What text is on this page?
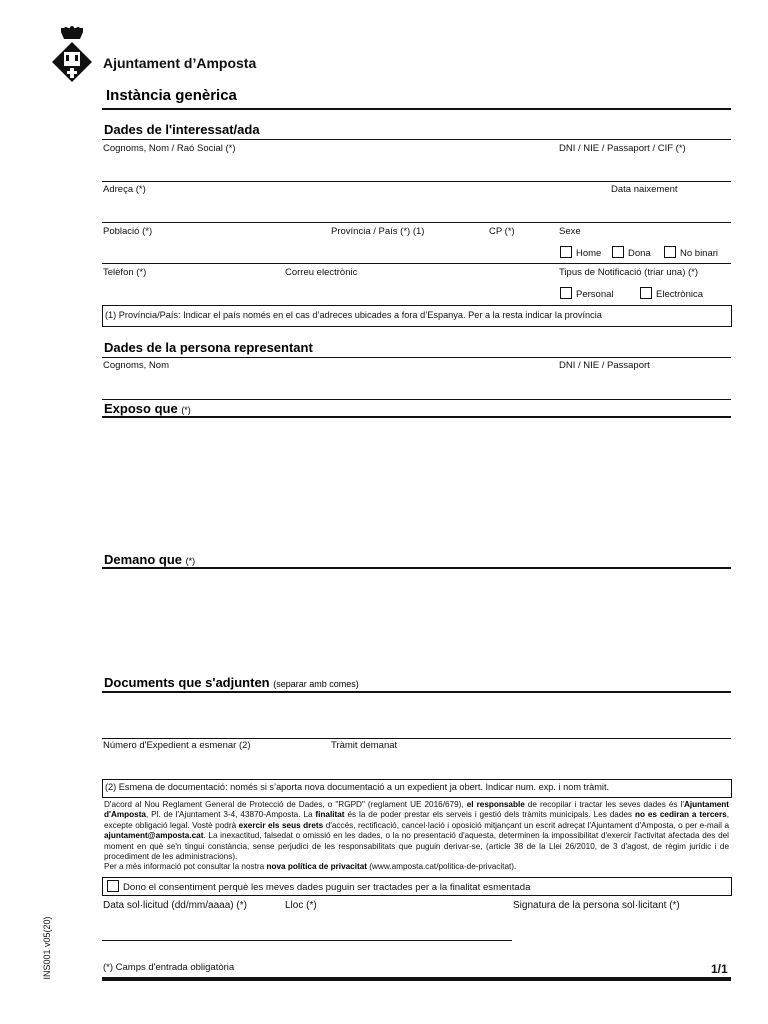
Ajuntament d’Amposta
Instància genèrica
Dades de l'interessat/ada
Cognoms, Nom / Raó Social (*)	DNI / NIE / Passaport / CIF (*)
Adreça (*)	Data naixement
Població (*)	Província / País (*) (1)	CP (*)	Sexe
Home	Dona	No binari
Telèfon (*)	Correu electrònic	Tipus de Notificació (triar una) (*)
Personal	Electrònica
(1) Província/País: Indicar el país només en el cas d’adreces ubicades a fora d’Espanya. Per a la resta indicar la província
Dades de la persona representant
Cognoms, Nom	DNI / NIE / Passaport
Exposo que (*)
Demano que (*)
Documents que s'adjunten (separar amb comes)
Número d'Expedient a esmenar (2)	Tràmit demanat
(2) Esmena de documentació: només si s’aporta nova documentació a un expedient ja obert. Indicar num. exp. i nom tràmit.
D'acord al Nou Reglament General de Protecció de Dades, o "RGPD" (reglament UE 2016/679), el responsable de recopilar i tractar les seves dades és l'Ajuntament d'Amposta, Pl. de l'Ajuntament 3-4, 43870-Amposta. La finalitat és la de poder prestar els serveis i gestió dels tràmits municipals. Les dades no es cediran a tercers, excepte obligació legal. Vostè podrà exercir els seus drets d'accés, rectificació, cancel·lació i oposició mitjançant un escrit adreçat l'Ajuntament d'Amposta, o per e-mail a ajuntament@amposta.cat. La inexactitud, falsedat o omissió en les dades, o la no presentació d'aquesta, determinen la impossibilitat d'exercir l'activitat afectada des del moment en què se'n tingui constància, sense perjudici de les responsabilitats que puguin derivar-se, (article 38 de la Llei 26/2010, de 3 d'agost, de règim jurídic i de procediment de les administracions).
Per a més informació pot consultar la nostra nova política de privacitat (www.amposta.cat/politica-de-privacitat).
Dono el consentiment perquè les meves dades puguin ser tractades per a la finalitat esmentada
Data sol·licitud (dd/mm/aaaa) (*)	Lloc (*)	Signatura de la persona sol·licitant (*)
(*) Camps d'entrada obligatòria	1/1
INS001 v05(20)
